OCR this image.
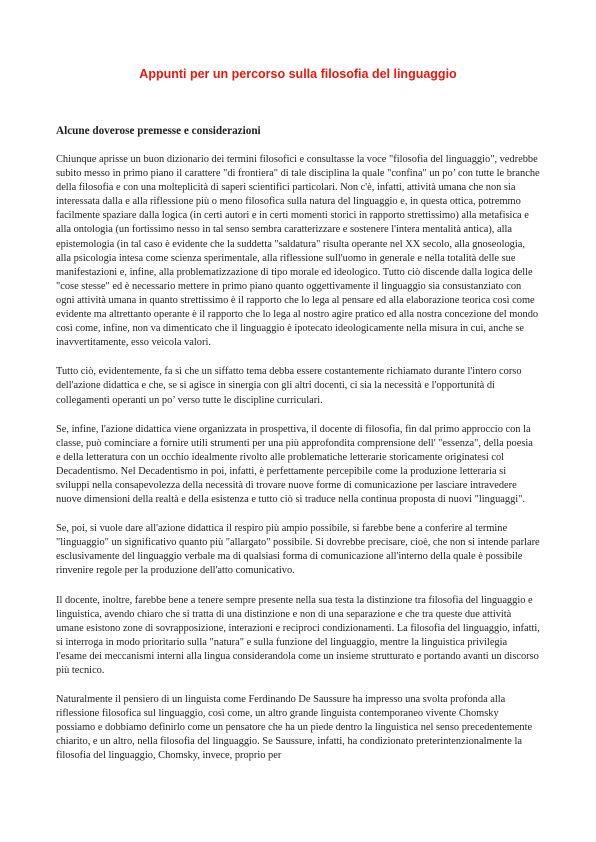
Appunti per un percorso sulla filosofia del linguaggio
Alcune doverose premesse e considerazioni

Chiunque aprisse un buon dizionario dei termini filosofici e consultasse la voce "filosofia del linguaggio", vedrebbe subito messo in primo piano il carattere "di frontiera" di tale disciplina la quale "confina" un po’ con tutte le branche della filosofia e con una molteplicità di saperi scientifici particolari. Non c'è, infatti, attività umana che non sia interessata dalla e alla riflessione più o meno filosofica sulla natura del linguaggio e, in questa ottica, potremmo facilmente spaziare dalla logica (in certi autori e in certi momenti storici in rapporto strettissimo) alla metafisica e alla ontologia (un fortissimo nesso in tal senso sembra caratterizzare e sostenere l'intera mentalità antica), alla epistemologia (in tal caso è evidente che la suddetta "saldatura" risulta operante nel XX secolo, alla gnoseologia, alla psicologia intesa come scienza sperimentale, alla riflessione sull'uomo in generale e nella totalità delle sue manifestazioni e, infine, alla problematizzazione di tipo morale ed ideologico. Tutto ciò discende dalla logica delle "cose stesse" ed è necessario mettere in primo piano quanto oggettivamente il linguaggio sia consustanziato con ogni attività umana in quanto strettissimo è il rapporto che lo lega al pensare ed alla elaborazione teorica così come evidente ma altrettanto operante è il rapporto che lo lega al nostro agire pratico ed alla nostra concezione del mondo così come, infine, non va dimenticato che il linguaggio è ipotecato ideologicamente nella misura in cui, anche se inavvertitamente, esso veicola valori.

Tutto ciò, evidentemente, fa sì che un siffatto tema debba essere costantemente richiamato durante l'intero corso dell'azione didattica e che, se si agisce in sinergia con gli altri docenti, ci sia la necessità e l'opportunità di collegamenti operanti un po’ verso tutte le discipline curriculari.

Se, infine, l'azione didattica viene organizzata in prospettiva, il docente di filosofia, fin dal primo approccio con la classe, può cominciare a fornire utili strumenti per una più approfondita comprensione dell' "essenza", della poesia e della letteratura con un occhio idealmente rivolto alle problematiche letterarie storicamente originatesi col Decadentismo. Nel Decadentismo in poi, infatti, è perfettamente percepibile come la produzione letteraria si sviluppi nella consapevolezza della necessità di trovare nuove forme di comunicazione per lasciare intravedere nuove dimensioni della realtà e della esistenza e tutto ciò si traduce nella continua proposta di nuovi "linguaggi".

Se, poi, si vuole dare all'azione didattica il respiro più ampio possibile, si farebbe bene a conferire al termine "linguaggio" un significativo quanto più "allargato" possibile. Si dovrebbe precisare, cioè, che non si intende parlare esclusivamente del linguaggio verbale ma di qualsiasi forma di comunicazione all'interno della quale è possibile rinvenire regole per la produzione dell'atto comunicativo.

Il docente, inoltre, farebbe bene a tenere sempre presente nella sua testa la distinzione tra filosofia del linguaggio e linguistica, avendo chiaro che si tratta di una distinzione e non di una separazione e che tra queste due attività umane esistono zone di sovrapposizione, interazioni e reciproci condizionamenti. La filosofia del linguaggio, infatti, si interroga in modo prioritario sulla "natura" e sulla funzione del linguaggio, mentre la linguistica privilegia l'esame dei meccanismi interni alla lingua considerandola come un insieme strutturato e portando avanti un discorso più tecnico.

Naturalmente il pensiero di un linguista come Ferdinando De Saussure ha impresso una svolta profonda alla riflessione filosofica sul linguaggio, così come, un altro grande linguista contemporaneo vivente Chomsky possiamo e dobbiamo definirlo come un pensatore che ha un piede dentro la linguistica nel senso precedentemente chiarito, e un altro, nella filosofia del linguaggio. Se Saussure, infatti, ha condizionato preterintenzionalmente la filosofia del linguaggio, Chomsky, invece, proprio per
